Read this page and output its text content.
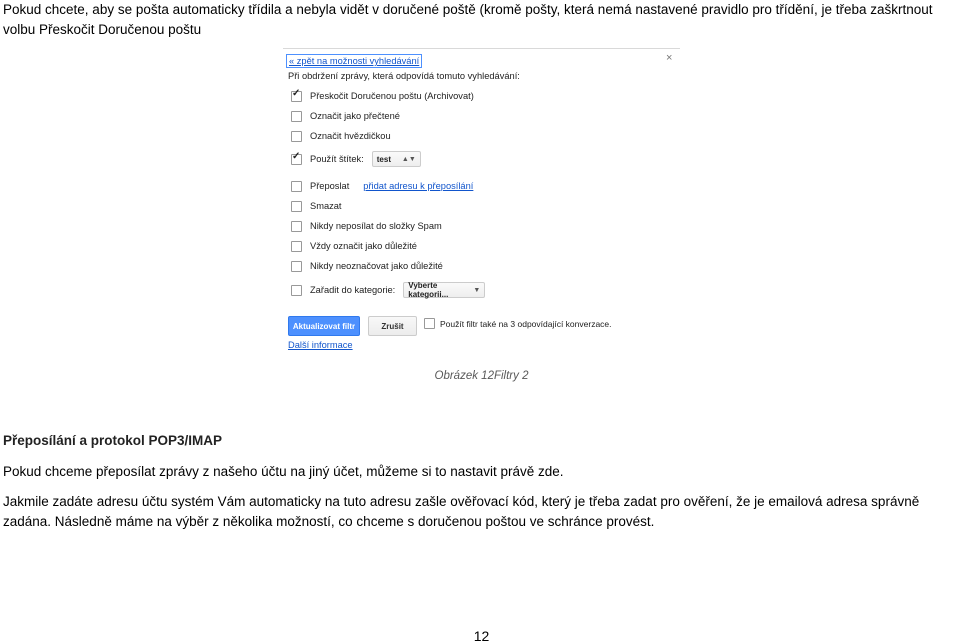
Pokud chcete, aby se pošta automaticky třídila a nebyla vidět v doručené poště (kromě pošty, která nemá nastavené pravidlo pro třídění, je třeba zaškrtnout volbu Přeskočit Doručenou poštu
« zpět na možnosti vyhledávání	×
Při obdržení zprávy, která odpovídá tomuto vyhledávání:
✓
Přeskočit Doručenou poštu (Archivovat)
Označit jako přečtené
Označit hvězdičkou
✓
Použít štítek: test ▲▼
Přeposlat přidat adresu k přeposílání
Smazat
Nikdy neposílat do složky Spam
Vždy označit jako důležité
Nikdy neoznačovat jako důležité
Zařadit do kategorie: Vyberte kategorii...	▼
Aktualizovat filtr	Zrušit	Použít filtr také na 3 odpovídající konverzace.
Další informace
Obrázek 12Filtry 2
Přeposílání a protokol POP3/IMAP
Pokud chceme přeposílat zprávy z našeho účtu na jiný účet, můžeme si to nastavit právě zde.
Jakmile zadáte adresu účtu systém Vám automaticky na tuto adresu zašle ověřovací kód, který je třeba zadat pro ověření, že je emailová adresa správně zadána. Následně máme na výběr z několika možností, co chceme s doručenou poštou ve schránce provést.
12
